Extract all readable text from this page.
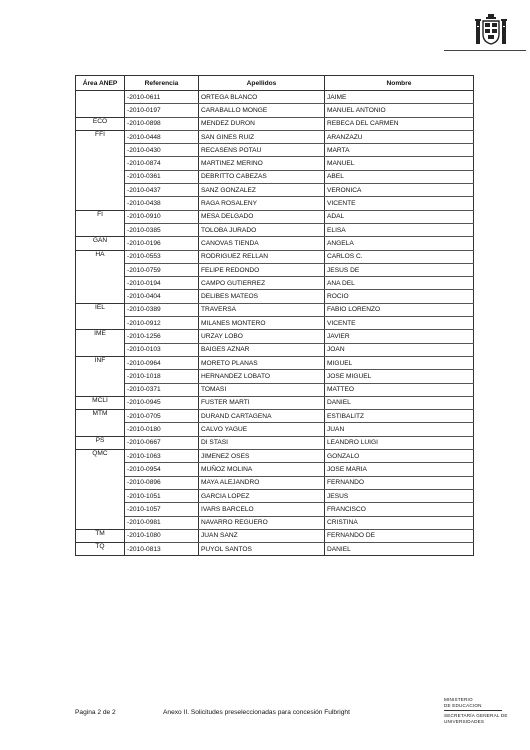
Área ANEP	Referencia	Apellidos	Nombre
	-2010-0611	ORTEGA BLANCO	JAIME
	-2010-0197	CARABALLO MONGE	MANUEL ANTONIO
ECO	-2010-0898	MENDEZ DURON	REBECA DEL CARMEN
FFI	-2010-0448	SAN GINES RUIZ	ARANZAZU
	-2010-0430	RECASENS POTAU	MARTA
	-2010-0874	MARTINEZ MERINO	MANUEL
	-2010-0361	DEBRITTO CABEZAS	ABEL
	-2010-0437	SANZ GONZALEZ	VERONICA
	-2010-0438	RAGA ROSALENY	VICENTE
FI	-2010-0910	MESA DELGADO	ADAL
	-2010-0385	TOLOBA JURADO	ELISA
GAN	-2010-0196	CANOVAS TIENDA	ANGELA
HA	-2010-0553	RODRIGUEZ RELLAN	CARLOS C.
	-2010-0759	FELIPE REDONDO	JESUS DE
	-2010-0194	CAMPO GUTIERREZ	ANA DEL
	-2010-0404	DELIBES MATEOS	ROCIO
IEL	-2010-0389	TRAVERSA	FABIO LORENZO
	-2010-0912	MILANES MONTERO	VICENTE
IME	-2010-1256	URZAY LOBO	JAVIER
	-2010-0103	BAIGES AZNAR	JOAN
INF	-2010-0964	MORETO PLANAS	MIGUEL
	-2010-1018	HERNANDEZ LOBATO	JOSE MIGUEL
	-2010-0371	TOMASI	MATTEO
MCLI	-2010-0945	FUSTER MARTI	DANIEL
MTM	-2010-0705	DURAND CARTAGENA	ESTIBALITZ
	-2010-0180	CALVO YAGUE	JUAN
PS	-2010-0667	DI STASI	LEANDRO LUIGI
QMC	-2010-1063	JIMENEZ OSES	GONZALO
	-2010-0954	MUÑOZ MOLINA	JOSE MARIA
	-2010-0896	MAYA ALEJANDRO	FERNANDO
	-2010-1051	GARCIA LOPEZ	JESUS
	-2010-1057	IVARS BARCELO	FRANCISCO
	-2010-0981	NAVARRO REGUERO	CRISTINA
TM	-2010-1080	JUAN SANZ	FERNANDO DE
TQ	-2010-0813	PUYOL SANTOS	DANIEL
Pagina 2 de 2	Anexo II. Solicitudes preseleccionadas para concesión Fulbright
MINISTERIO
DE EDUCACION
SECRETARÍA GENERAL DE
UNIVERSIDADES
